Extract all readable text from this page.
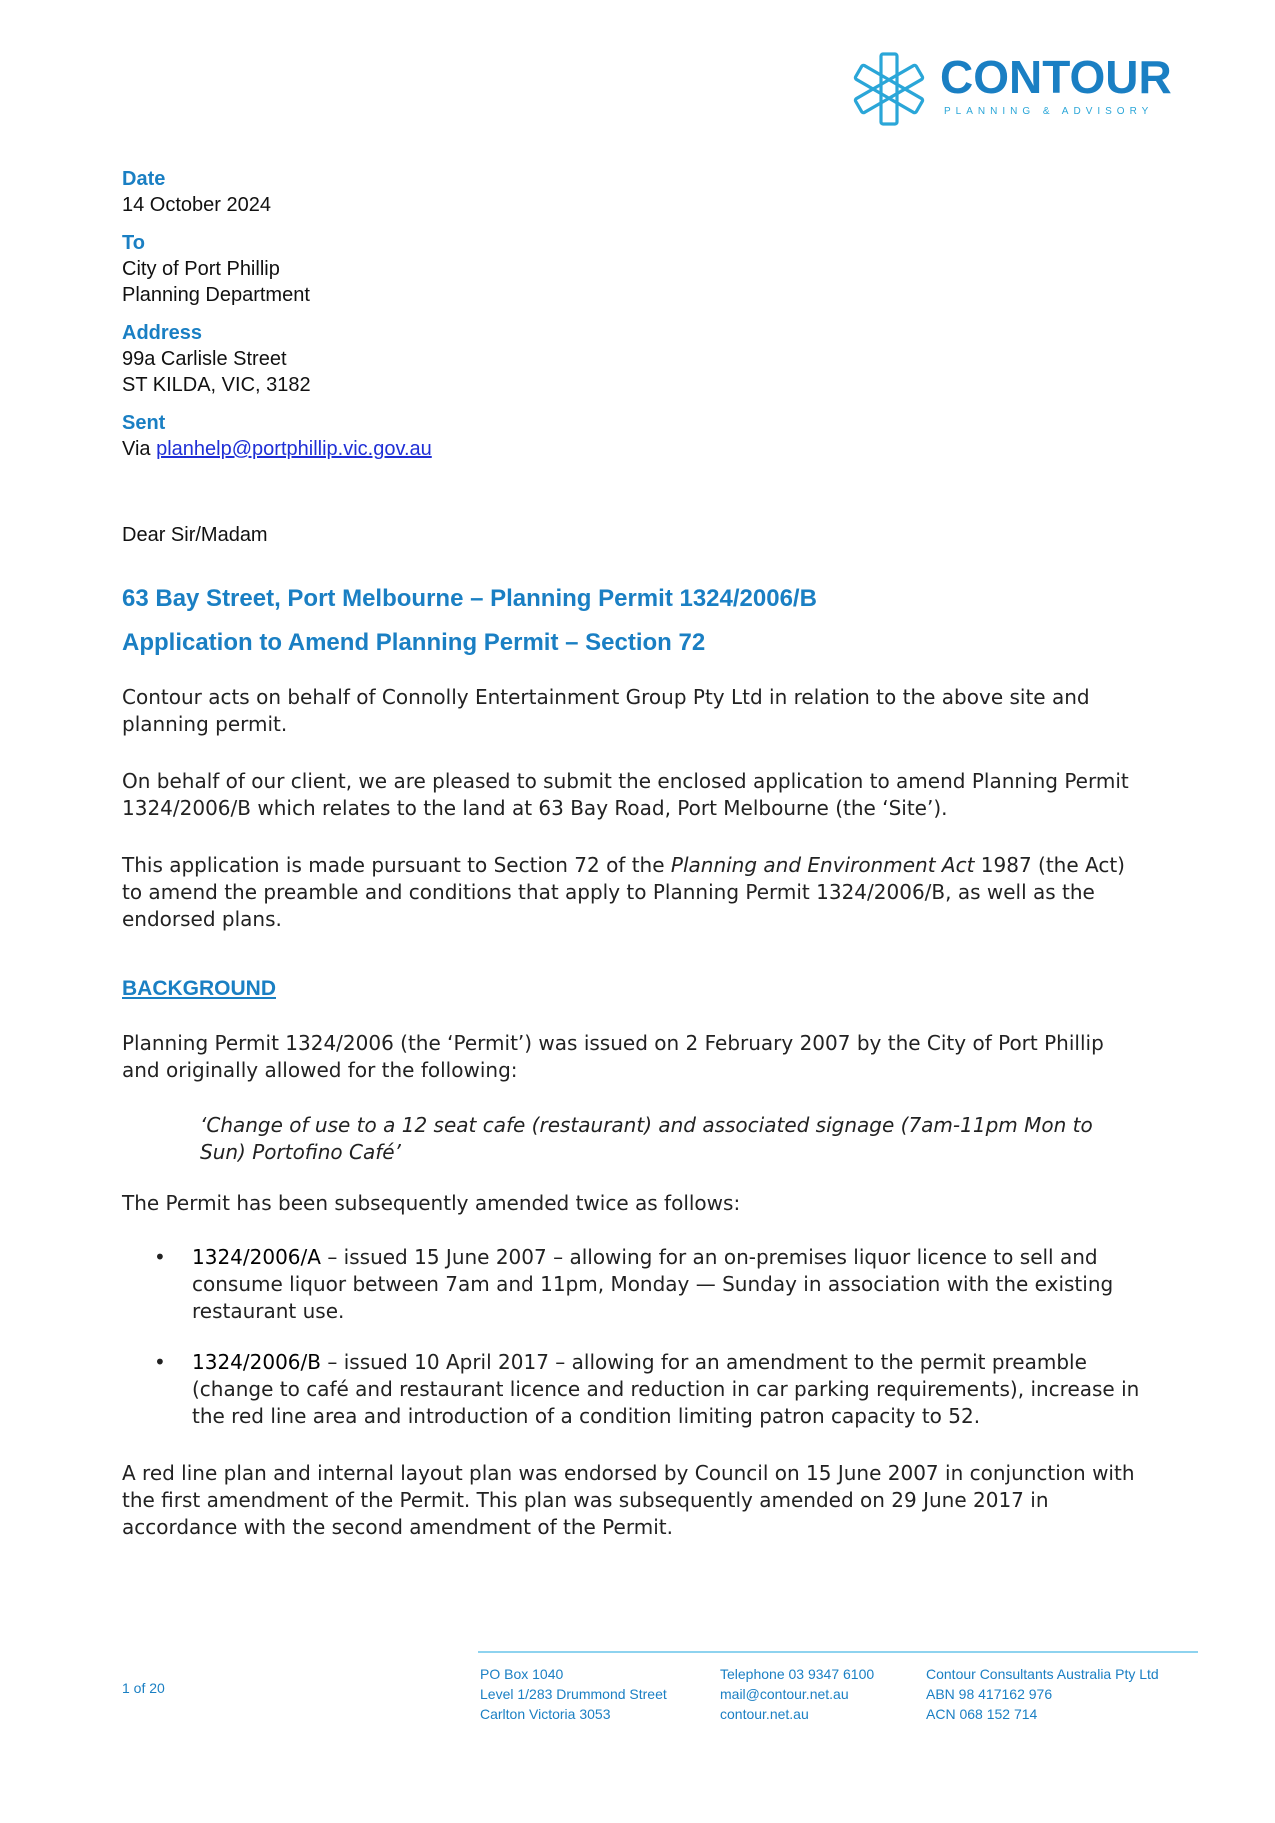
CONTOUR
PLANNING & ADVISORY
Date
14 October 2024
To
City of Port Phillip
Planning Department
Address
99a Carlisle Street
ST KILDA, VIC, 3182
Sent
Via planhelp@portphillip.vic.gov.au
Dear Sir/Madam
63 Bay Street, Port Melbourne – Planning Permit 1324/2006/B
Application to Amend Planning Permit – Section 72
Contour acts on behalf of Connolly Entertainment Group Pty Ltd in relation to the above site and planning permit.
On behalf of our client, we are pleased to submit the enclosed application to amend Planning Permit 1324/2006/B which relates to the land at 63 Bay Road, Port Melbourne (the ‘Site’).
This application is made pursuant to Section 72 of the Planning and Environment Act 1987 (the Act) to amend the preamble and conditions that apply to Planning Permit 1324/2006/B, as well as the endorsed plans.
BACKGROUND
Planning Permit 1324/2006 (the ‘Permit’) was issued on 2 February 2007 by the City of Port Phillip and originally allowed for the following:
‘Change of use to a 12 seat cafe (restaurant) and associated signage (7am-11pm Mon to Sun) Portofino Café’
The Permit has been subsequently amended twice as follows:
• 1324/2006/A – issued 15 June 2007 – allowing for an on-premises liquor licence to sell and consume liquor between 7am and 11pm, Monday — Sunday in association with the existing restaurant use.
• 1324/2006/B – issued 10 April 2017 – allowing for an amendment to the permit preamble (change to café and restaurant licence and reduction in car parking requirements), increase in the red line area and introduction of a condition limiting patron capacity to 52.
A red line plan and internal layout plan was endorsed by Council on 15 June 2007 in conjunction with the first amendment of the Permit. This plan was subsequently amended on 29 June 2017 in accordance with the second amendment of the Permit.
1 of 20
PO Box 1040
Level 1/283 Drummond Street
Carlton Victoria 3053
Telephone 03 9347 6100
mail@contour.net.au
contour.net.au
Contour Consultants Australia Pty Ltd
ABN 98 417162 976
ACN 068 152 714
